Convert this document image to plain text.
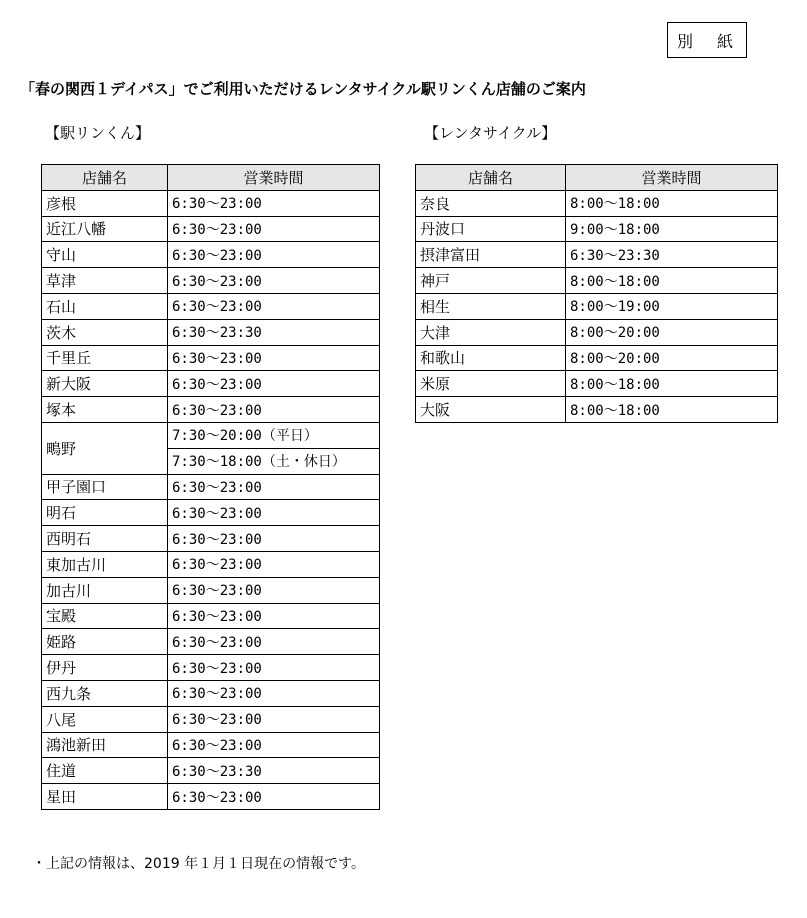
別　紙
「春の関西１デイパス」でご利用いただけるレンタサイクル駅リンくん店舗のご案内
【駅リンくん】	【レンタサイクル】
店舗名	営業時間
彦根	6:30～23:00
近江八幡	6:30～23:00
守山	6:30～23:00
草津	6:30～23:00
石山	6:30～23:00
茨木	6:30～23:30
千里丘	6:30～23:00
新大阪	6:30～23:00
塚本	6:30～23:00
鴫野	7:30～20:00（平日）
	7:30～18:00（土・休日）
甲子園口	6:30～23:00
明石	6:30～23:00
西明石	6:30～23:00
東加古川	6:30～23:00
加古川	6:30～23:00
宝殿	6:30～23:00
姫路	6:30～23:00
伊丹	6:30～23:00
西九条	6:30～23:00
八尾	6:30～23:00
鴻池新田	6:30～23:00
住道	6:30～23:30
星田	6:30～23:00
店舗名	営業時間
奈良	8:00～18:00
丹波口	9:00～18:00
摂津富田	6:30～23:30
神戸	8:00～18:00
相生	8:00～19:00
大津	8:00～20:00
和歌山	8:00～20:00
米原	8:00～18:00
大阪	8:00～18:00
・上記の情報は、2019 年１月１日現在の情報です。
